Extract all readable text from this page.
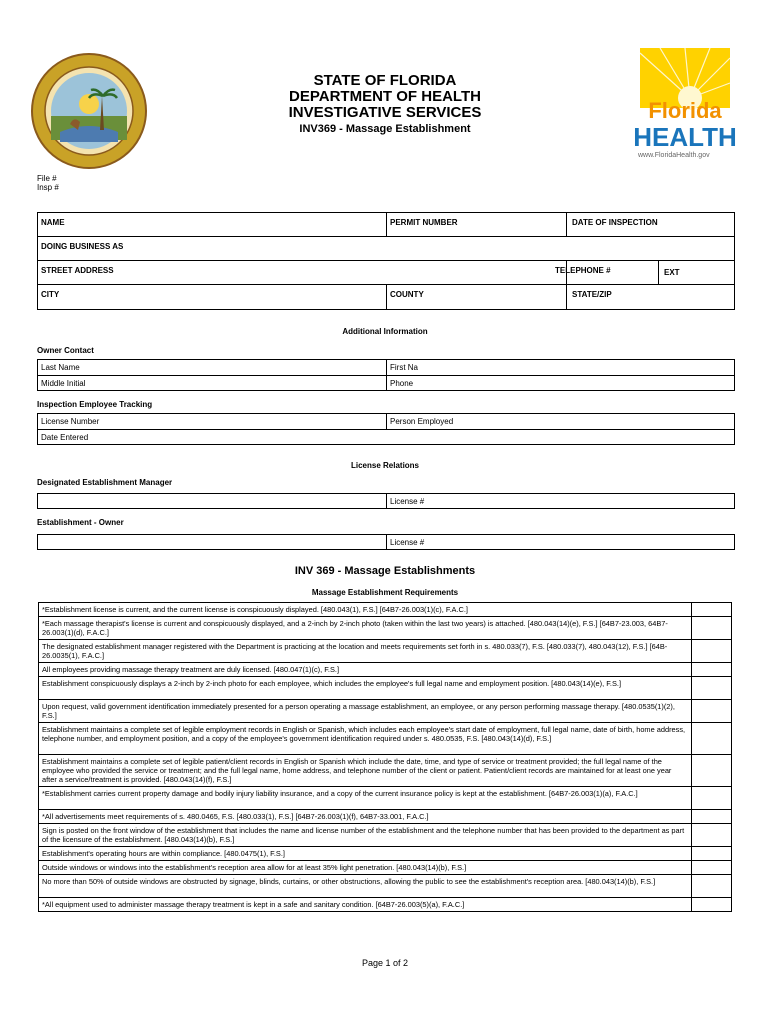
STATE OF FLORIDA
DEPARTMENT OF HEALTH
INVESTIGATIVE SERVICES
INV369 - Massage Establishment
Florida
HEALTH
www.FloridaHealth.gov
File #
Insp #
NAME	PERMIT NUMBER	DATE OF INSPECTION
DOING BUSINESS AS
STREET ADDRESS	TELEPHONE #	EXT
CITY	COUNTY	STATE/ZIP
Additional Information
Owner Contact
Last Name	First Na
Middle Initial	Phone
Inspection Employee Tracking
License Number	Person Employed
Date Entered
License Relations
Designated Establishment Manager
License #
Establishment - Owner
License #
INV 369 - Massage Establishments
Massage Establishment Requirements
*Establishment license is current, and the current license is conspicuously displayed. [480.043(1), F.S.] [64B7-26.003(1)(c), F.A.C.]
*Each massage therapist's license is current and conspicuously displayed, and a 2-inch by 2-inch photo (taken within the last two years) is attached. [480.043(14)(e), F.S.] [64B7-23.003, 64B7-26.003(1)(d), F.A.C.]
The designated establishment manager registered with the Department is practicing at the location and meets requirements set forth in s. 480.033(7), F.S. [480.033(7), 480.043(12), F.S.] [64B-26.0035(1), F.A.C.]
All employees providing massage therapy treatment are duly licensed. [480.047(1)(c), F.S.]
Establishment conspicuously displays a 2-inch by 2-inch photo for each employee, which includes the employee's full legal name and employment position. [480.043(14)(e), F.S.]
Upon request, valid government identification immediately presented for a person operating a massage establishment, an employee, or any person performing massage therapy. [480.0535(1)(2), F.S.]
Establishment maintains a complete set of legible employment records in English or Spanish, which includes each employee's start date of employment, full legal name, date of birth, home address, telephone number, and employment position, and a copy of the employee's government identification required under s. 480.0535, F.S. [480.043(14)(d), F.S.]
Establishment maintains a complete set of legible patient/client records in English or Spanish which include the date, time, and type of service or treatment provided; the full legal name of the employee who provided the service or treatment; and the full legal name, home address, and telephone number of the client or patient. Patient/client records are maintained for at least one year after a service/treatment is provided. [480.043(14)(f), F.S.]
*Establishment carries current property damage and bodily injury liability insurance, and a copy of the current insurance policy is kept at the establishment. [64B7-26.003(1)(a), F.A.C.]
*All advertisements meet requirements of s. 480.0465, F.S. [480.033(1), F.S.] [64B7-26.003(1)(f), 64B7-33.001, F.A.C.]
Sign is posted on the front window of the establishment that includes the name and license number of the establishment and the telephone number that has been provided to the department as part of the licensure of the establishment. [480.043(14)(b), F.S.]
Establishment's operating hours are within compliance. [480.0475(1), F.S.]
Outside windows or windows into the establishment's reception area allow for at least 35% light penetration. [480.043(14)(b), F.S.]
No more than 50% of outside windows are obstructed by signage, blinds, curtains, or other obstructions, allowing the public to see the establishment's reception area. [480.043(14)(b), F.S.]
*All equipment used to administer massage therapy treatment is kept in a safe and sanitary condition. [64B7-26.003(5)(a), F.A.C.]
Page 1 of 2
